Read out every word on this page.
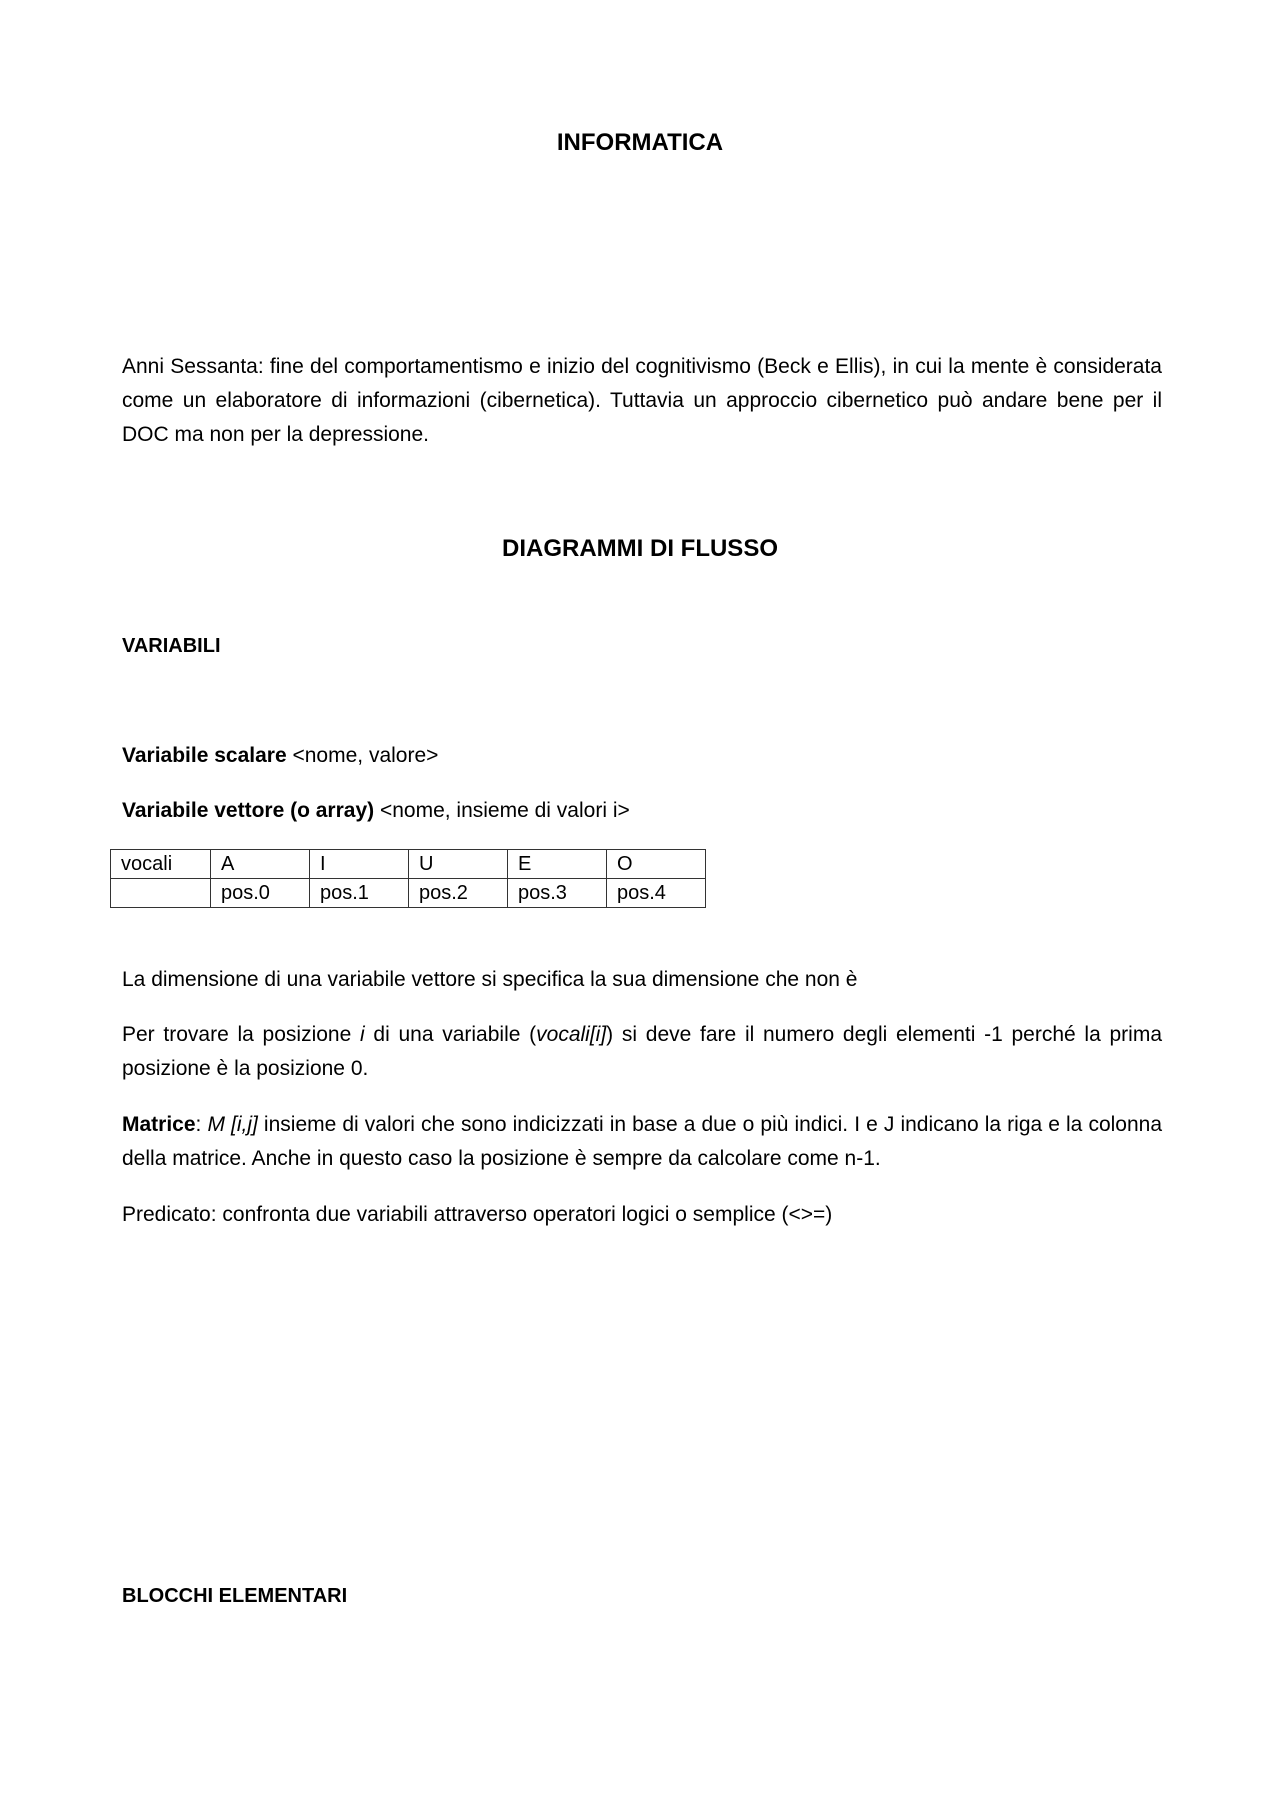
INFORMATICA
Anni Sessanta: fine del comportamentismo e inizio del cognitivismo (Beck e Ellis), in cui la mente è considerata come un elaboratore di informazioni (cibernetica). Tuttavia un approccio cibernetico può andare bene per il DOC ma non per la depressione.
DIAGRAMMI DI FLUSSO
VARIABILI
Variabile scalare <nome, valore>
Variabile vettore (o array) <nome, insieme di valori i>
vocali	A	I	U	E	O
	pos.0	pos.1	pos.2	pos.3	pos.4
La dimensione di una variabile vettore si specifica la sua dimensione che non è
Per trovare la posizione i di una variabile (vocali[i]) si deve fare il numero degli elementi -1 perché la prima posizione è la posizione 0.
Matrice: M [i,j] insieme di valori che sono indicizzati in base a due o più indici. I e J indicano la riga e la colonna della matrice. Anche in questo caso la posizione è sempre da calcolare come n-1.
Predicato: confronta due variabili attraverso operatori logici o semplice (<>=)
BLOCCHI ELEMENTARI
